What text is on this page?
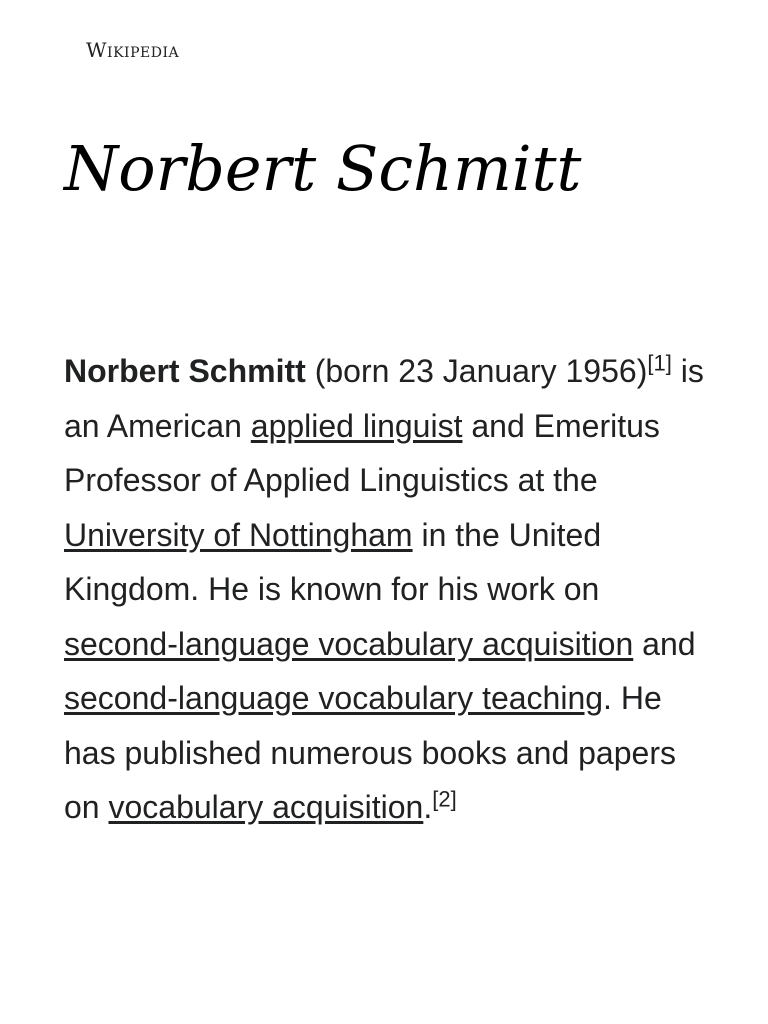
Wikipedia
Norbert Schmitt

Norbert Schmitt (born 23 January 1956)[1] is an American applied linguist and Emeritus Professor of Applied Linguistics at the University of Nottingham in the United Kingdom. He is known for his work on second-language vocabulary acquisition and second-language vocabulary teaching. He has published numerous books and papers on vocabulary acquisition.[2]
